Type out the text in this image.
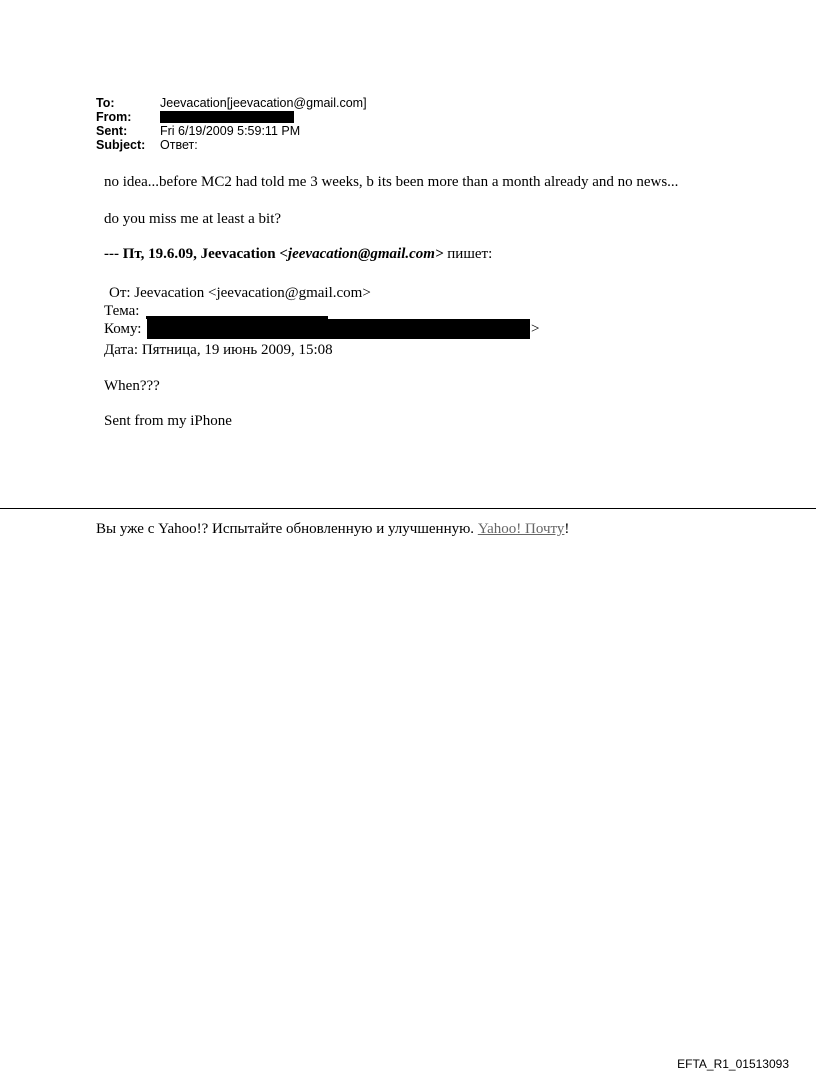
To:	Jeevacation[jeevacation@gmail.com]
From:
Sent:	Fri 6/19/2009 5:59:11 PM
Subject:	Ответ:
no idea...before MC2 had told me 3 weeks, b its been more than a month already and no news...
do you miss me at least a bit?
--- Пт, 19.6.09, Jeevacation <jeevacation@gmail.com> пишет:
От: Jeevacation <jeevacation@gmail.com>
Тема:
Кому:	>
Дата: Пятница, 19 июнь 2009, 15:08
When???
Sent from my iPhone
Вы уже с Yahoo!? Испытайте обновленную и улучшенную. Yahoo! Почту!
EFTA_R1_01513093
